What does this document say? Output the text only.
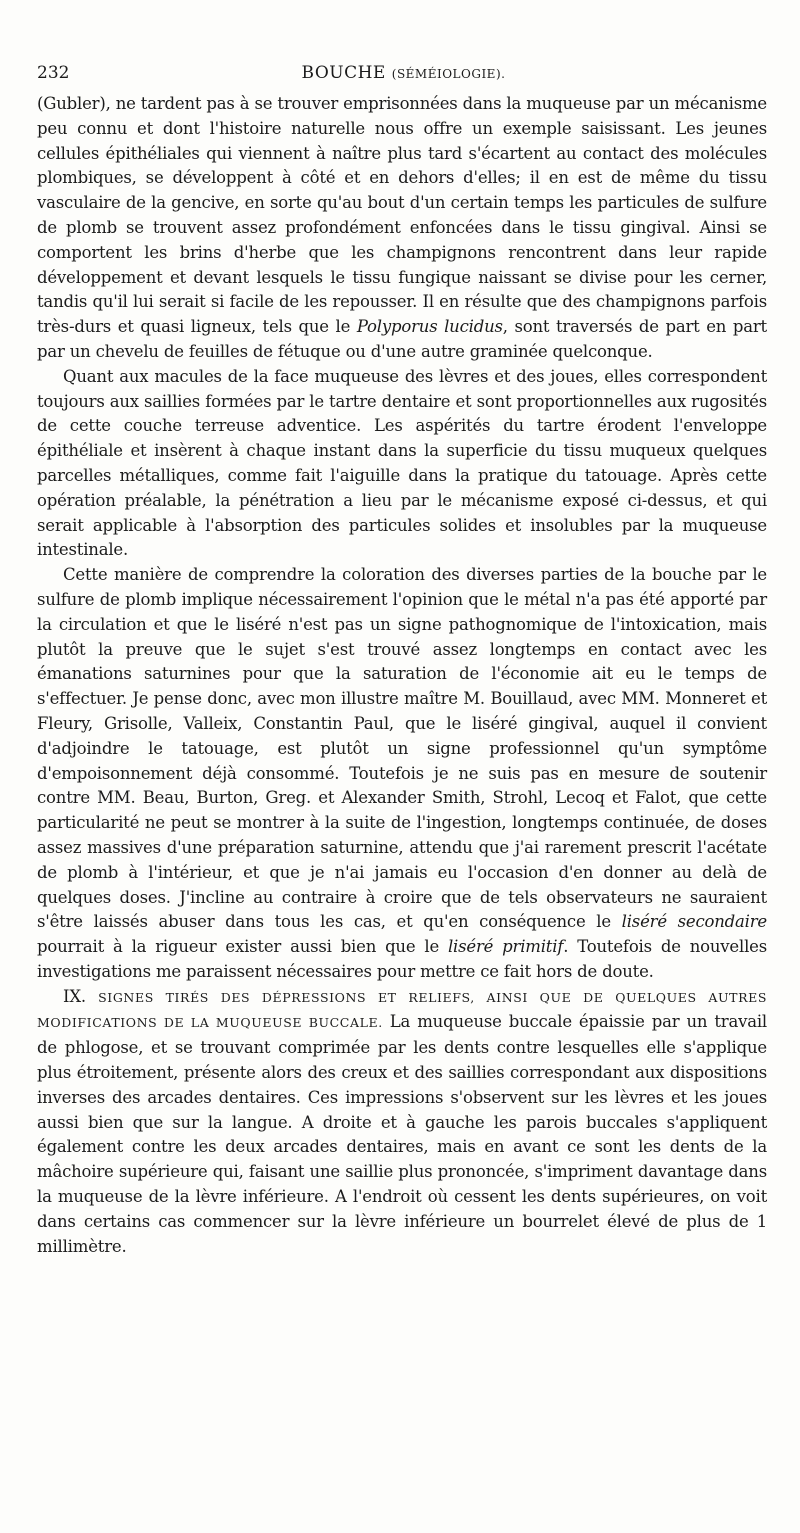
232	BOUCHE (SÉMÉIOLOGIE).

(Gubler), ne tardent pas à se trouver emprisonnées dans la muqueuse par un mécanisme peu connu et dont l'histoire naturelle nous offre un exemple saisissant. Les jeunes cellules épithéliales qui viennent à naître plus tard s'écartent au contact des molécules plombiques, se développent à côté et en dehors d'elles; il en est de même du tissu vasculaire de la gencive, en sorte qu'au bout d'un certain temps les particules de sulfure de plomb se trouvent assez profondément enfoncées dans le tissu gingival. Ainsi se comportent les brins d'herbe que les champignons rencontrent dans leur rapide développement et devant lesquels le tissu fungique naissant se divise pour les cerner, tandis qu'il lui serait si facile de les repousser. Il en résulte que des champignons parfois très-durs et quasi ligneux, tels que le Polyporus lucidus, sont traversés de part en part par un chevelu de feuilles de fétuque ou d'une autre graminée quelconque.

Quant aux macules de la face muqueuse des lèvres et des joues, elles correspondent toujours aux saillies formées par le tartre dentaire et sont proportionnelles aux rugosités de cette couche terreuse adventice. Les aspérités du tartre érodent l'enveloppe épithéliale et insèrent à chaque instant dans la superficie du tissu muqueux quelques parcelles métalliques, comme fait l'aiguille dans la pratique du tatouage. Après cette opération préalable, la pénétration a lieu par le mécanisme exposé ci-dessus, et qui serait applicable à l'absorption des particules solides et insolubles par la muqueuse intestinale.

Cette manière de comprendre la coloration des diverses parties de la bouche par le sulfure de plomb implique nécessairement l'opinion que le métal n'a pas été apporté par la circulation et que le liséré n'est pas un signe pathognomique de l'intoxication, mais plutôt la preuve que le sujet s'est trouvé assez longtemps en contact avec les émanations saturnines pour que la saturation de l'économie ait eu le temps de s'effectuer. Je pense donc, avec mon illustre maître M. Bouillaud, avec MM. Monneret et Fleury, Grisolle, Valleix, Constantin Paul, que le liséré gingival, auquel il convient d'adjoindre le tatouage, est plutôt un signe professionnel qu'un symptôme d'empoisonnement déjà consommé. Toutefois je ne suis pas en mesure de soutenir contre MM. Beau, Burton, Greg. et Alexander Smith, Strohl, Lecoq et Falot, que cette particularité ne peut se montrer à la suite de l'ingestion, longtemps continuée, de doses assez massives d'une préparation saturnine, attendu que j'ai rarement prescrit l'acétate de plomb à l'intérieur, et que je n'ai jamais eu l'occasion d'en donner au delà de quelques doses. J'incline au contraire à croire que de tels observateurs ne sauraient s'être laissés abuser dans tous les cas, et qu'en conséquence le liséré secondaire pourrait à la rigueur exister aussi bien que le liséré primitif. Toutefois de nouvelles investigations me paraissent nécessaires pour mettre ce fait hors de doute.

IX. SIGNES TIRÉS DES DÉPRESSIONS ET RELIEFS, AINSI QUE DE QUELQUES AUTRES MODIFICATIONS DE LA MUQUEUSE BUCCALE. La muqueuse buccale épaissie par un travail de phlogose, et se trouvant comprimée par les dents contre lesquelles elle s'applique plus étroitement, présente alors des creux et des saillies correspondant aux dispositions inverses des arcades dentaires. Ces impressions s'observent sur les lèvres et les joues aussi bien que sur la langue. A droite et à gauche les parois buccales s'appliquent également contre les deux arcades dentaires, mais en avant ce sont les dents de la mâchoire supérieure qui, faisant une saillie plus prononcée, s'impriment davantage dans la muqueuse de la lèvre inférieure. A l'endroit où cessent les dents supérieures, on voit dans certains cas commencer sur la lèvre inférieure un bourrelet élevé de plus de 1 millimètre.
